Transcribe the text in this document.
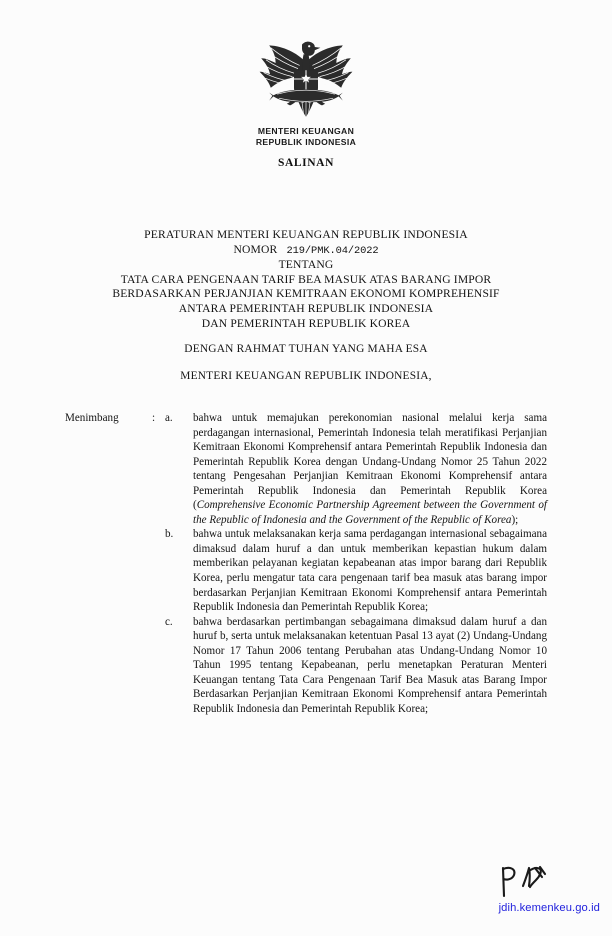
MENTERI KEUANGAN
REPUBLIK INDONESIA
SALINAN
PERATURAN MENTERI KEUANGAN REPUBLIK INDONESIA
NOMOR 219/PMK.04/2022
TENTANG
TATA CARA PENGENAAN TARIF BEA MASUK ATAS BARANG IMPOR
BERDASARKAN PERJANJIAN KEMITRAAN EKONOMI KOMPREHENSIF
ANTARA PEMERINTAH REPUBLIK INDONESIA
DAN PEMERINTAH REPUBLIK KOREA
DENGAN RAHMAT TUHAN YANG MAHA ESA
MENTERI KEUANGAN REPUBLIK INDONESIA,
Menimbang	: a. bahwa untuk memajukan perekonomian nasional melalui kerja sama perdagangan internasional, Pemerintah Indonesia telah meratifikasi Perjanjian Kemitraan Ekonomi Komprehensif antara Pemerintah Republik Indonesia dan Pemerintah Republik Korea dengan Undang-Undang Nomor 25 Tahun 2022 tentang Pengesahan Perjanjian Kemitraan Ekonomi Komprehensif antara Pemerintah Republik Indonesia dan Pemerintah Republik Korea (Comprehensive Economic Partnership Agreement between the Government of the Republic of Indonesia and the Government of the Republic of Korea);
b. bahwa untuk melaksanakan kerja sama perdagangan internasional sebagaimana dimaksud dalam huruf a dan untuk memberikan kepastian hukum dalam memberikan pelayanan kegiatan kepabeanan atas impor barang dari Republik Korea, perlu mengatur tata cara pengenaan tarif bea masuk atas barang impor berdasarkan Perjanjian Kemitraan Ekonomi Komprehensif antara Pemerintah Republik Indonesia dan Pemerintah Republik Korea;
c. bahwa berdasarkan pertimbangan sebagaimana dimaksud dalam huruf a dan huruf b, serta untuk melaksanakan ketentuan Pasal 13 ayat (2) Undang-Undang Nomor 17 Tahun 2006 tentang Perubahan atas Undang-Undang Nomor 10 Tahun 1995 tentang Kepabeanan, perlu menetapkan Peraturan Menteri Keuangan tentang Tata Cara Pengenaan Tarif Bea Masuk atas Barang Impor Berdasarkan Perjanjian Kemitraan Ekonomi Komprehensif antara Pemerintah Republik Indonesia dan Pemerintah Republik Korea;
jdih.kemenkeu.go.id
